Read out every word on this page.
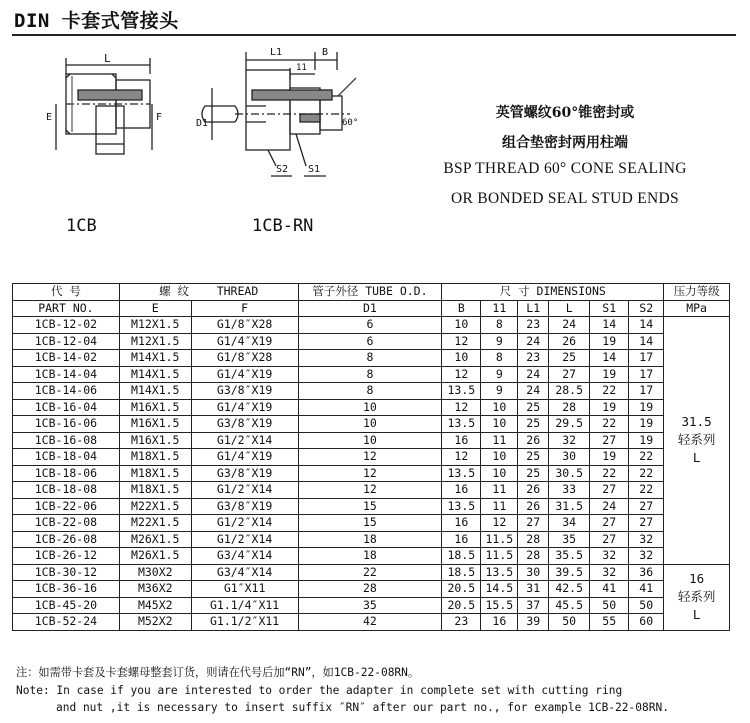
DIN 卡套式管接头
L
E	F
L1	B
11
D1	60°
S2 S1
1CB	1CB-RN
英管螺纹60°锥密封或
组合垫密封两用柱端
BSP THREAD 60° CONE SEALING
OR BONDED SEAL STUD ENDS
代 号	螺 纹 THREAD		管子外径 TUBE O.D.	尺 寸 DIMENSIONS						压力等级
PART NO.	E	F	D1	B	11	L1	L	S1	S2	MPa
1CB-12-02	M12X1.5	G1/8″X28	6	10	8	23	24	14	14	31.5
轻系列
L

1CB-12-04	M12X1.5	G1/4″X19	6	12	9	24	26	19	14	
1CB-14-02	M14X1.5	G1/8″X28	8	10	8	23	25	14	17	
1CB-14-04	M14X1.5	G1/4″X19	8	12	9	24	27	19	17	
1CB-14-06	M14X1.5	G3/8″X19	8	13.5	9	24	28.5	22	17	
1CB-16-04	M16X1.5	G1/4″X19	10	12	10	25	28	19	19	
1CB-16-06	M16X1.5	G3/8″X19	10	13.5	10	25	29.5	22	19	
1CB-16-08	M16X1.5	G1/2″X14	10	16	11	26	32	27	19	
1CB-18-04	M18X1.5	G1/4″X19	12	12	10	25	30	19	22	
1CB-18-06	M18X1.5	G3/8″X19	12	13.5	10	25	30.5	22	22	
1CB-18-08	M18X1.5	G1/2″X14	12	16	11	26	33	27	22	
1CB-22-06	M22X1.5	G3/8″X19	15	13.5	11	26	31.5	24	27	
1CB-22-08	M22X1.5	G1/2″X14	15	16	12	27	34	27	27	
1CB-26-08	M26X1.5	G1/2″X14	18	16	11.5	28	35	27	32	
1CB-26-12	M26X1.5	G3/4″X14	18	18.5	11.5	28	35.5	32	32	
1CB-30-12	M30X2	G3/4″X14	22	18.5	13.5	30	39.5	32	36	16
轻系列
L

1CB-36-16	M36X2	G1″X11	28	20.5	14.5	31	42.5	41	41	
1CB-45-20	M45X2	G1.1/4″X11	35	20.5	15.5	37	45.5	50	50	
1CB-52-24	M52X2	G1.1/2″X11	42	23	16	39	50	55	60	
注：如需带卡套及卡套螺母整套订货，则请在代号后加“RN”，如1CB-22-08RN。
Note: In case if you are interested to order the adapter in complete set with cutting ring
and nut ,it is necessary to insert suffix ″RN″ after our part no., for example 1CB-22-08RN.
